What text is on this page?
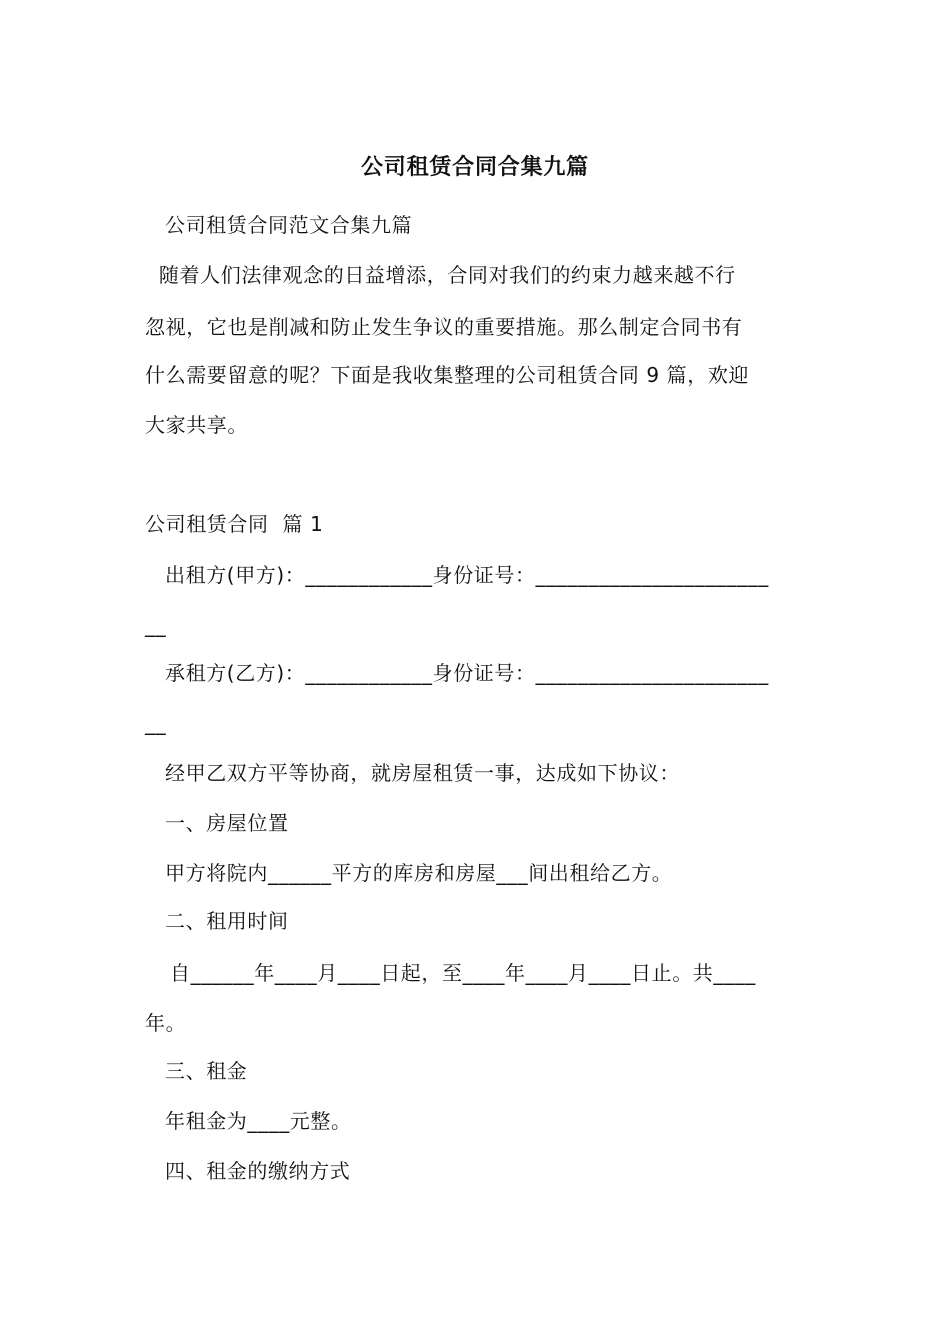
公司租赁合同合集九篇
公司租赁合同范文合集九篇
随着人们法律观念的日益增添，合同对我们的约束力越来越不行
忽视，它也是削减和防止发生争议的重要措施。那么制定合同书有
什么需要留意的呢？下面是我收集整理的公司租赁合同 9 篇，欢迎
大家共享。
公司租赁合同  篇 1
出租方(甲方)：____________身份证号：______________________
__
承租方(乙方)：____________身份证号：______________________
__
经甲乙双方平等协商，就房屋租赁一事，达成如下协议：
一、房屋位置
甲方将院内______平方的库房和房屋___间出租给乙方。
二、租用时间
自______年____月____日起，至____年____月____日止。共____
年。
三、租金
年租金为____元整。
四、租金的缴纳方式
